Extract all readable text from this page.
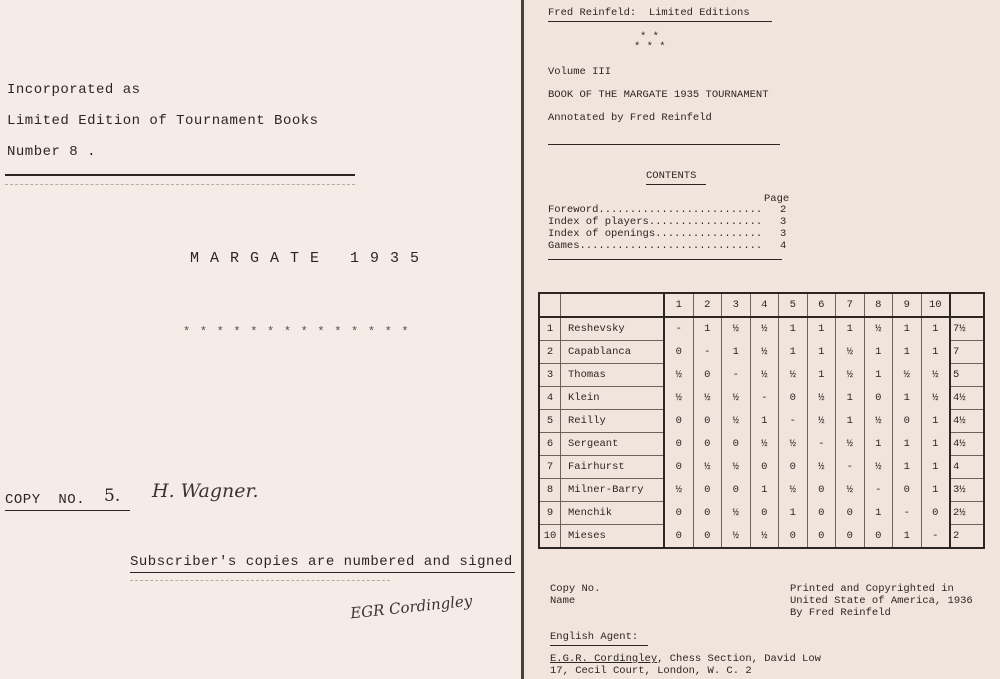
Incorporated as
Limited Edition of Tournament Books
Number 8 .
M A R G A T E   1 9 3 5
* * * * * * * * * * * * * *
COPY  NO. 5. H. Wagner.
Subscriber's copies are numbered and signed
EGR Cordingley
Fred Reinfeld:  Limited Editions
* *
* * *
Volume III
BOOK OF THE MARGATE 1935 TOURNAMENT
Annotated by Fred Reinfeld
CONTENTS
Page
Foreword.......................... 2
Index of players.................. 3
Index of openings................. 3
Games............................. 4
		1	2	3	4	5	6	7	8	9	10	
1	Reshevsky	-	1	½	½	1	1	1	½	1	1	7½
2	Capablanca	0	-	1	½	1	1	½	1	1	1	7
3	Thomas	½	0	-	½	½	1	½	1	½	½	5
4	Klein	½	½	½	-	0	½	1	0	1	½	4½
5	Reilly	0	0	½	1	-	½	1	½	0	1	4½
6	Sergeant	0	0	0	½	½	-	½	1	1	1	4½
7	Fairhurst	0	½	½	0	0	½	-	½	1	1	4
8	Milner-Barry	½	0	0	1	½	0	½	-	0	1	3½
9	Menchik	0	0	½	0	1	0	0	1	-	0	2½
10	Mieses	0	0	½	½	0	0	0	0	1	-	2
Copy No.
Name
Printed and Copyrighted in
United State of America, 1936
By Fred Reinfeld
English Agent:
E.G.R. Cordingley, Chess Section, David Low
17, Cecil Court, London, W. C. 2
